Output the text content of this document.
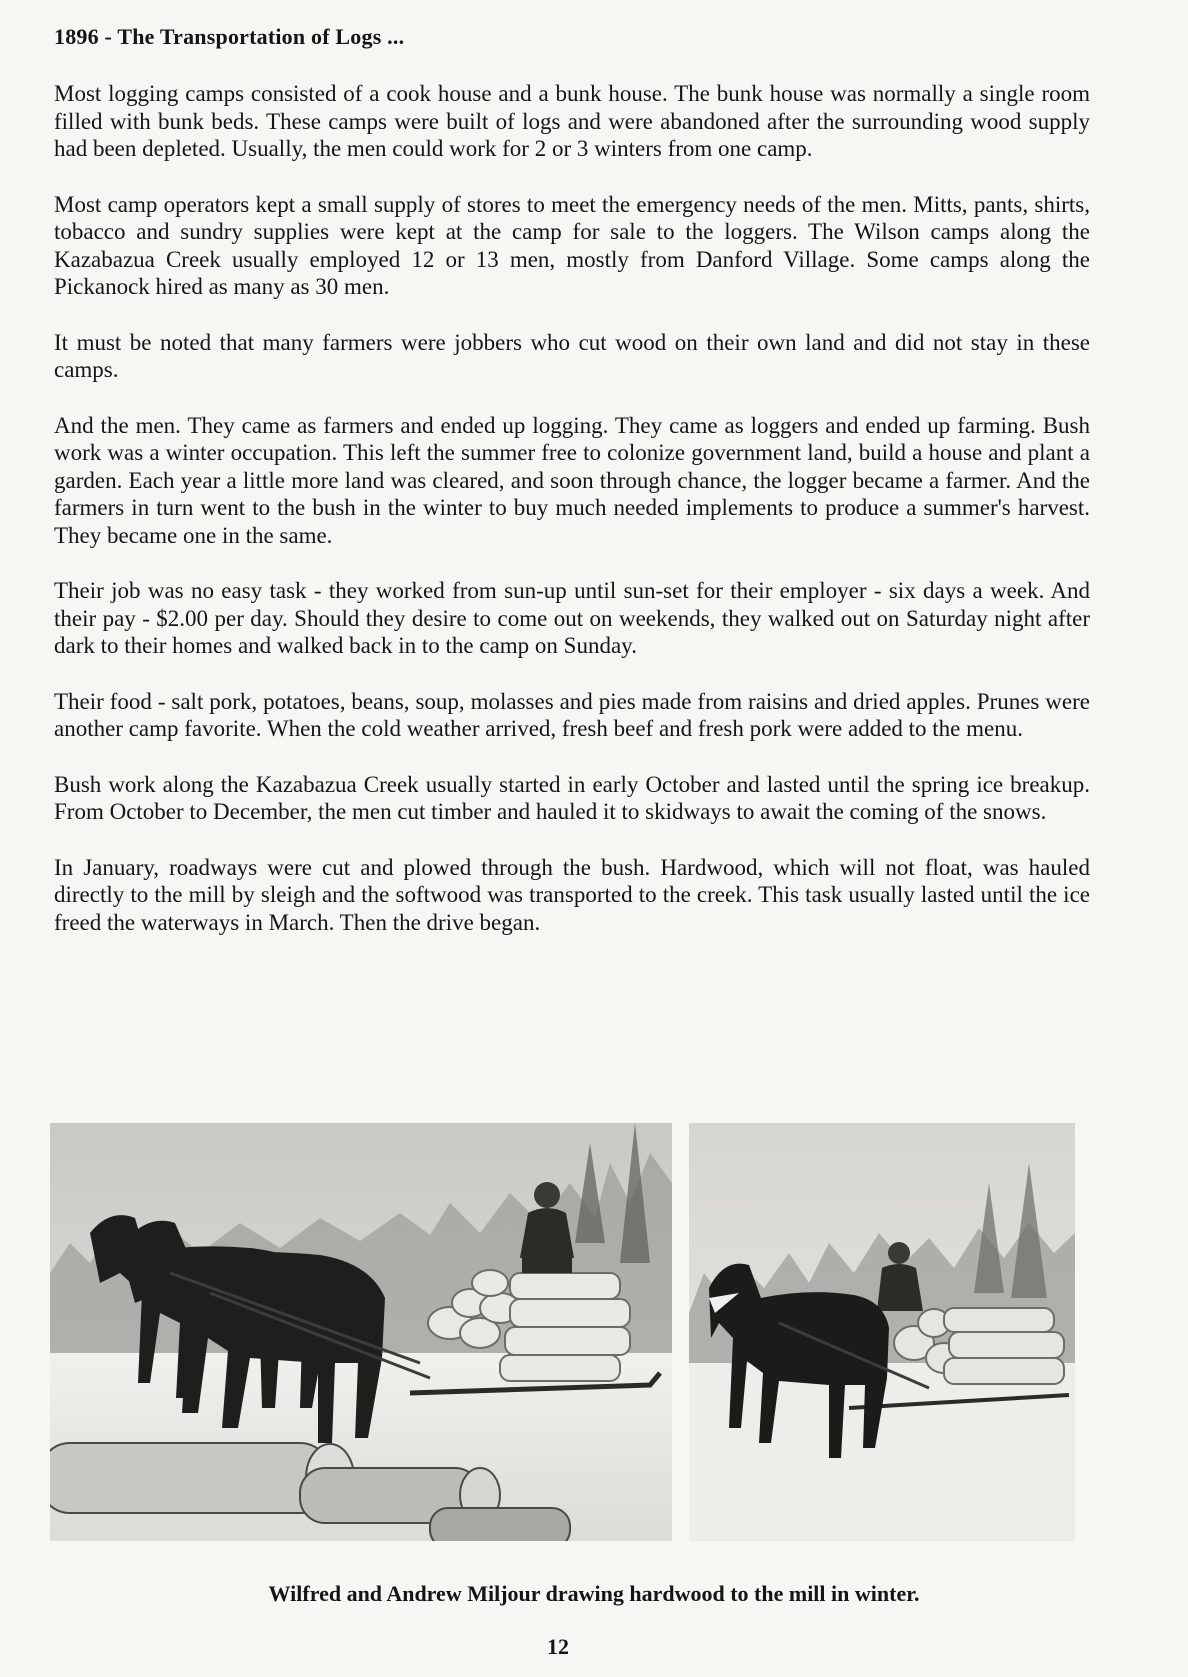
1896 - The Transportation of Logs ...

Most logging camps consisted of a cook house and a bunk house. The bunk house was normally a single room filled with bunk beds. These camps were built of logs and were abandoned after the surrounding wood supply had been depleted. Usually, the men could work for 2 or 3 winters from one camp.

Most camp operators kept a small supply of stores to meet the emergency needs of the men. Mitts, pants, shirts, tobacco and sundry supplies were kept at the camp for sale to the loggers. The Wilson camps along the Kazabazua Creek usually employed 12 or 13 men, mostly from Danford Village. Some camps along the Pickanock hired as many as 30 men.

It must be noted that many farmers were jobbers who cut wood on their own land and did not stay in these camps.

And the men. They came as farmers and ended up logging. They came as loggers and ended up farming. Bush work was a winter occupation. This left the summer free to colonize government land, build a house and plant a garden. Each year a little more land was cleared, and soon through chance, the logger became a farmer. And the farmers in turn went to the bush in the winter to buy much needed implements to produce a summer's harvest. They became one in the same.

Their job was no easy task - they worked from sun-up until sun-set for their employer - six days a week. And their pay - $2.00 per day. Should they desire to come out on weekends, they walked out on Saturday night after dark to their homes and walked back in to the camp on Sunday.

Their food - salt pork, potatoes, beans, soup, molasses and pies made from raisins and dried apples. Prunes were another camp favorite. When the cold weather arrived, fresh beef and fresh pork were added to the menu.

Bush work along the Kazabazua Creek usually started in early October and lasted until the spring ice breakup. From October to December, the men cut timber and hauled it to skidways to await the coming of the snows.

In January, roadways were cut and plowed through the bush. Hardwood, which will not float, was hauled directly to the mill by sleigh and the softwood was transported to the creek. This task usually lasted until the ice freed the waterways in March. Then the drive began.

Wilfred and Andrew Miljour drawing hardwood to the mill in winter.
12
